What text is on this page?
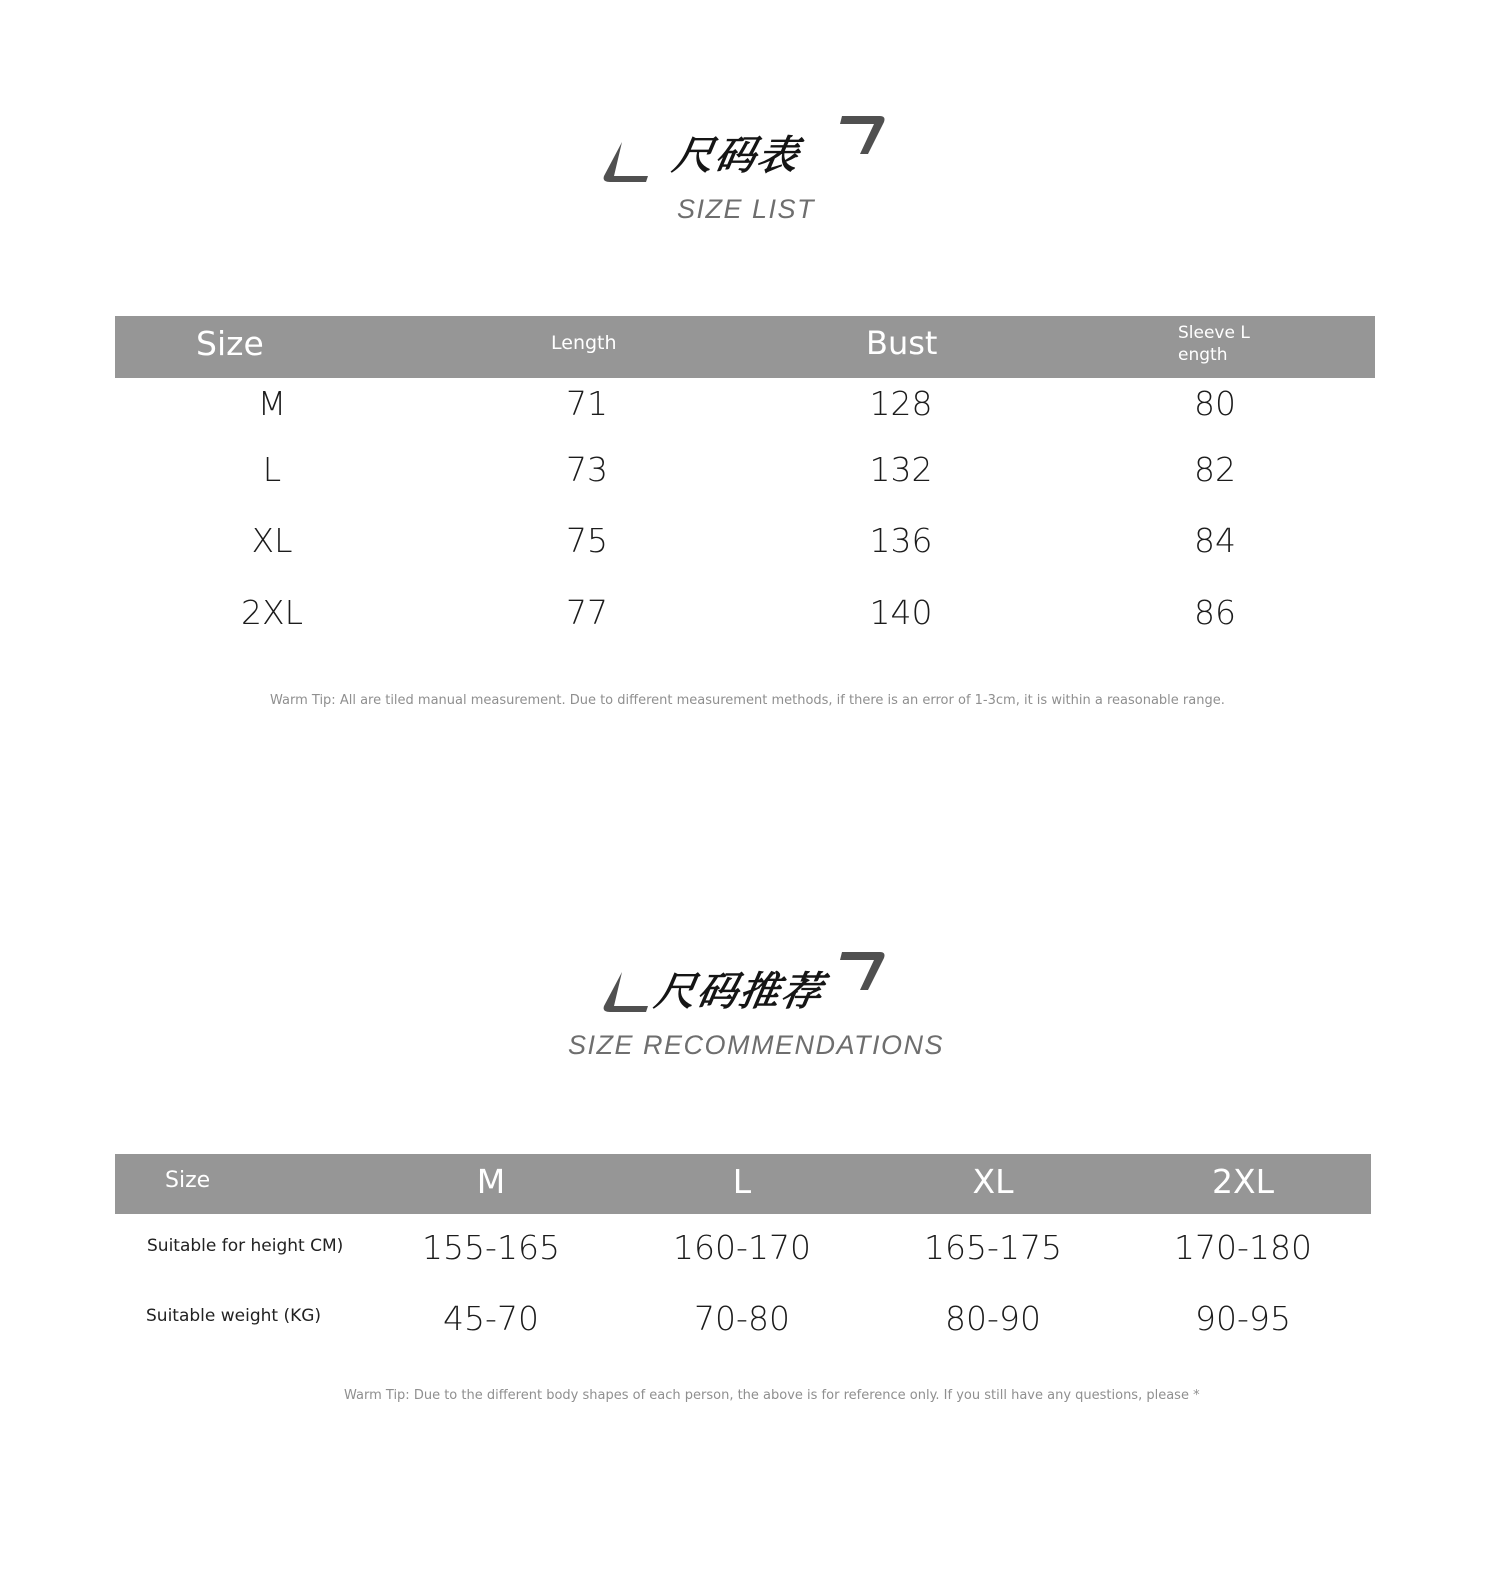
尺码表
SIZE LIST
Size	Length	Bust	Sleeve L
ength
M	71	128	80
L	73	132	82
XL	75	136	84
2XL	77	140	86
Warm Tip: All are tiled manual measurement. Due to different measurement methods, if there is an error of 1-3cm, it is within a reasonable range.
尺码推荐
SIZE RECOMMENDATIONS
Size	M	L	XL	2XL
Suitable for height CM) 155-165	160-170	165-175	170-180
Suitable weight (KG)	45-70	70-80	80-90	90-95
Warm Tip: Due to the different body shapes of each person, the above is for reference only. If you still have any questions, please *
